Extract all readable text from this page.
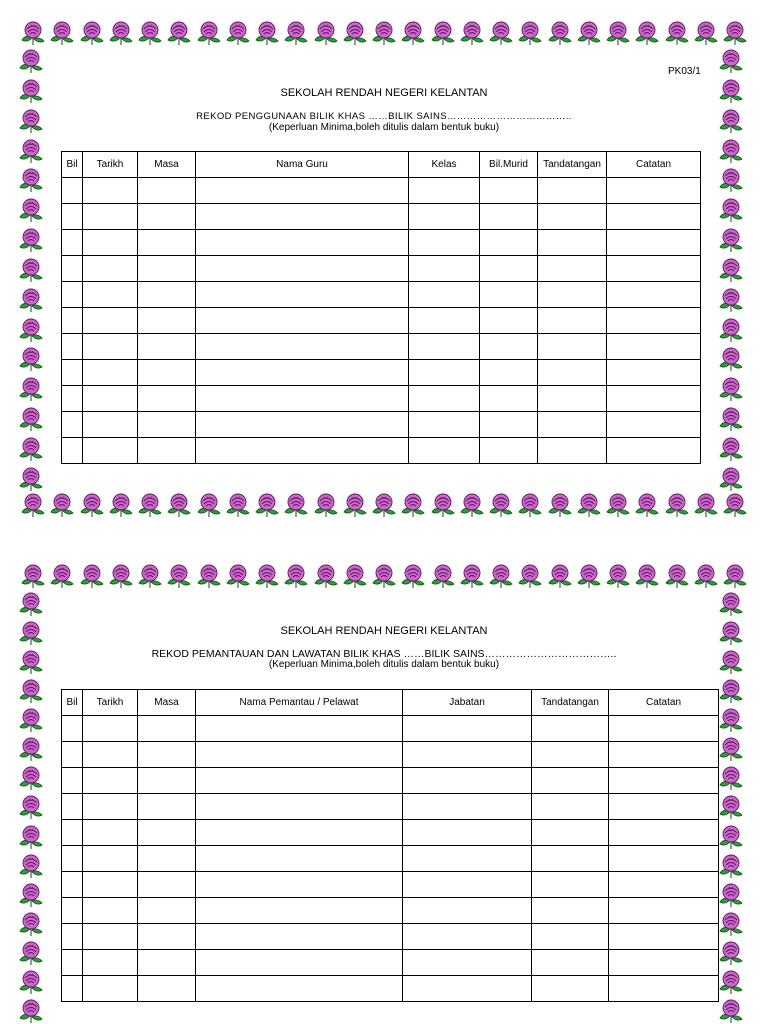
PK03/1
SEKOLAH RENDAH NEGERI KELANTAN
REKOD PENGGUNAAN BILIK KHAS ……BILIK SAINS………………………………..
(Keperluan Minima,boleh ditulis dalam bentuk buku)
Bil	Tarikh	Masa	Nama Guru	Kelas	Bil.Murid	Tandatangan	Catatan

SEKOLAH RENDAH NEGERI KELANTAN
REKOD PEMANTAUAN DAN LAWATAN BILIK KHAS ……BILIK SAINS………………………………..
(Keperluan Minima,boleh ditulis dalam bentuk buku)
Bil	Tarikh	Masa	Nama Pemantau / Pelawat	Jabatan	Tandatangan	Catatan
